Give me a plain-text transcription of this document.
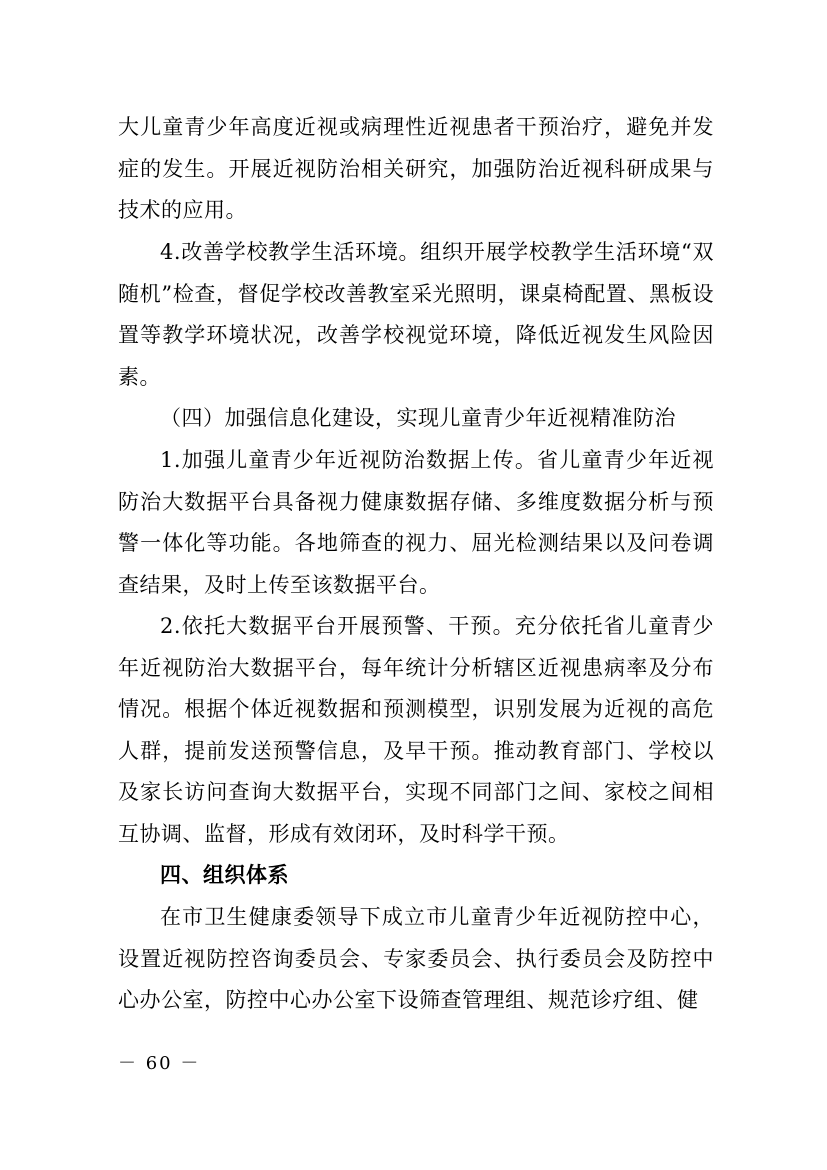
大儿童青少年高度近视或病理性近视患者干预治疗，避免并发症的发生。开展近视防治相关研究，加强防治近视科研成果与技术的应用。

4.改善学校教学生活环境。组织开展学校教学生活环境“双随机”检查，督促学校改善教室采光照明，课桌椅配置、黑板设置等教学环境状况，改善学校视觉环境，降低近视发生风险因素。

（四）加强信息化建设，实现儿童青少年近视精准防治

1.加强儿童青少年近视防治数据上传。省儿童青少年近视防治大数据平台具备视力健康数据存储、多维度数据分析与预警一体化等功能。各地筛查的视力、屈光检测结果以及问卷调查结果，及时上传至该数据平台。

2.依托大数据平台开展预警、干预。充分依托省儿童青少年近视防治大数据平台，每年统计分析辖区近视患病率及分布情况。根据个体近视数据和预测模型，识别发展为近视的高危人群，提前发送预警信息，及早干预。推动教育部门、学校以及家长访问查询大数据平台，实现不同部门之间、家校之间相互协调、监督，形成有效闭环，及时科学干预。

四、组织体系

在市卫生健康委领导下成立市儿童青少年近视防控中心，设置近视防控咨询委员会、专家委员会、执行委员会及防控中心办公室，防控中心办公室下设筛查管理组、规范诊疗组、健

－ 60 －
